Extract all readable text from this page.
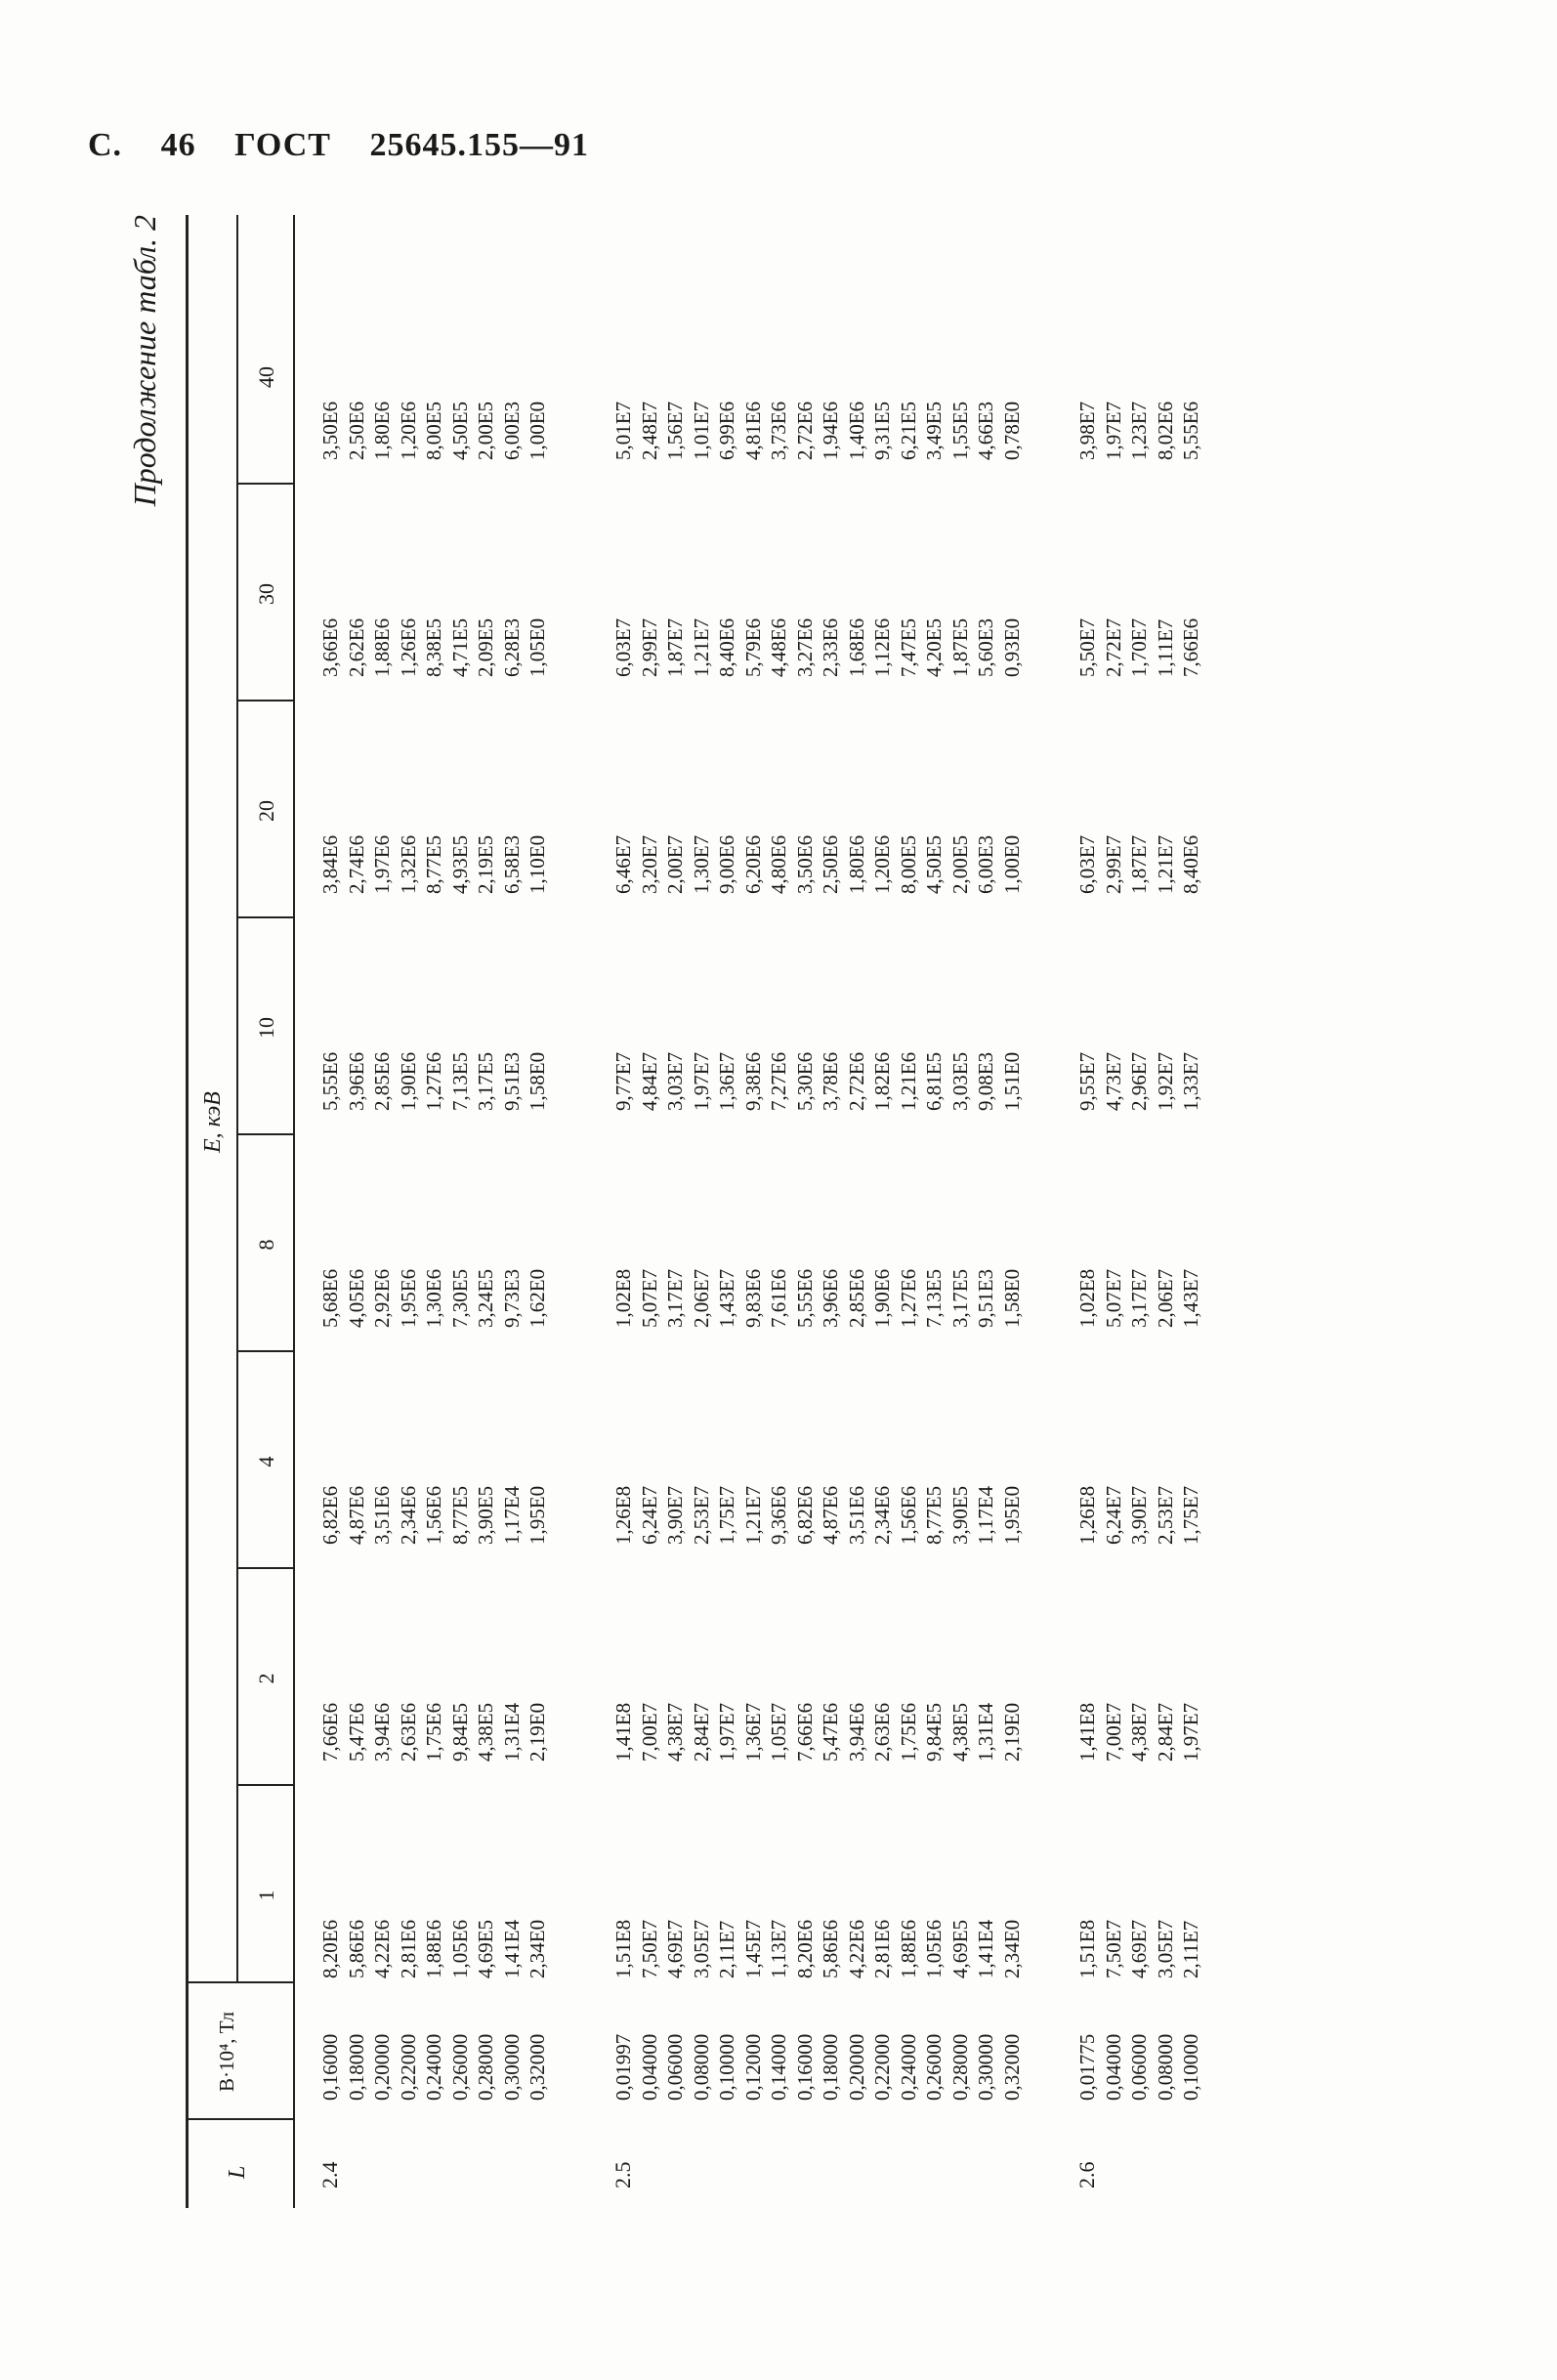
С. 46 ГОСТ 25645.155—91
Продолжение табл. 2
L
B·10⁴, Тл
E, кэВ
1
2
4
8
10
20
30
40
2.4
0,16000
0,18000
0,20000
0,22000
0,24000
0,26000
0,28000
0,30000
0,32000
8,20E6
5,86E6
4,22E6
2,81E6
1,88E6
1,05E6
4,69E5
1,41E4
2,34E0
7,66E6
5,47E6
3,94E6
2,63E6
1,75E6
9,84E5
4,38E5
1,31E4
2,19E0
6,82E6
4,87E6
3,51E6
2,34E6
1,56E6
8,77E5
3,90E5
1,17E4
1,95E0
5,68E6
4,05E6
2,92E6
1,95E6
1,30E6
7,30E5
3,24E5
9,73E3
1,62E0
5,55E6
3,96E6
2,85E6
1,90E6
1,27E6
7,13E5
3,17E5
9,51E3
1,58E0
3,84E6
2,74E6
1,97E6
1,32E6
8,77E5
4,93E5
2,19E5
6,58E3
1,10E0
3,66E6
2,62E6
1,88E6
1,26E6
8,38E5
4,71E5
2,09E5
6,28E3
1,05E0
3,50E6
2,50E6
1,80E6
1,20E6
8,00E5
4,50E5
2,00E5
6,00E3
1,00E0
2.5
0,01997
0,04000
0,06000
0,08000
0,10000
0,12000
0,14000
0,16000
0,18000
0,20000
0,22000
0,24000
0,26000
0,28000
0,30000
0,32000
1,51E8
7,50E7
4,69E7
3,05E7
2,11E7
1,45E7
1,13E7
8,20E6
5,86E6
4,22E6
2,81E6
1,88E6
1,05E6
4,69E5
1,41E4
2,34E0
1,41E8
7,00E7
4,38E7
2,84E7
1,97E7
1,36E7
1,05E7
7,66E6
5,47E6
3,94E6
2,63E6
1,75E6
9,84E5
4,38E5
1,31E4
2,19E0
1,26E8
6,24E7
3,90E7
2,53E7
1,75E7
1,21E7
9,36E6
6,82E6
4,87E6
3,51E6
2,34E6
1,56E6
8,77E5
3,90E5
1,17E4
1,95E0
1,02E8
5,07E7
3,17E7
2,06E7
1,43E7
9,83E6
7,61E6
5,55E6
3,96E6
2,85E6
1,90E6
1,27E6
7,13E5
3,17E5
9,51E3
1,58E0
9,77E7
4,84E7
3,03E7
1,97E7
1,36E7
9,38E6
7,27E6
5,30E6
3,78E6
2,72E6
1,82E6
1,21E6
6,81E5
3,03E5
9,08E3
1,51E0
6,46E7
3,20E7
2,00E7
1,30E7
9,00E6
6,20E6
4,80E6
3,50E6
2,50E6
1,80E6
1,20E6
8,00E5
4,50E5
2,00E5
6,00E3
1,00E0
6,03E7
2,99E7
1,87E7
1,21E7
8,40E6
5,79E6
4,48E6
3,27E6
2,33E6
1,68E6
1,12E6
7,47E5
4,20E5
1,87E5
5,60E3
0,93E0
5,01E7
2,48E7
1,56E7
1,01E7
6,99E6
4,81E6
3,73E6
2,72E6
1,94E6
1,40E6
9,31E5
6,21E5
3,49E5
1,55E5
4,66E3
0,78E0
2.6
0,01775
0,04000
0,06000
0,08000
0,10000
1,51E8
7,50E7
4,69E7
3,05E7
2,11E7
1,41E8
7,00E7
4,38E7
2,84E7
1,97E7
1,26E8
6,24E7
3,90E7
2,53E7
1,75E7
1,02E8
5,07E7
3,17E7
2,06E7
1,43E7
9,55E7
4,73E7
2,96E7
1,92E7
1,33E7
6,03E7
2,99E7
1,87E7
1,21E7
8,40E6
5,50E7
2,72E7
1,70E7
1,11E7
7,66E6
3,98E7
1,97E7
1,23E7
8,02E6
5,55E6
